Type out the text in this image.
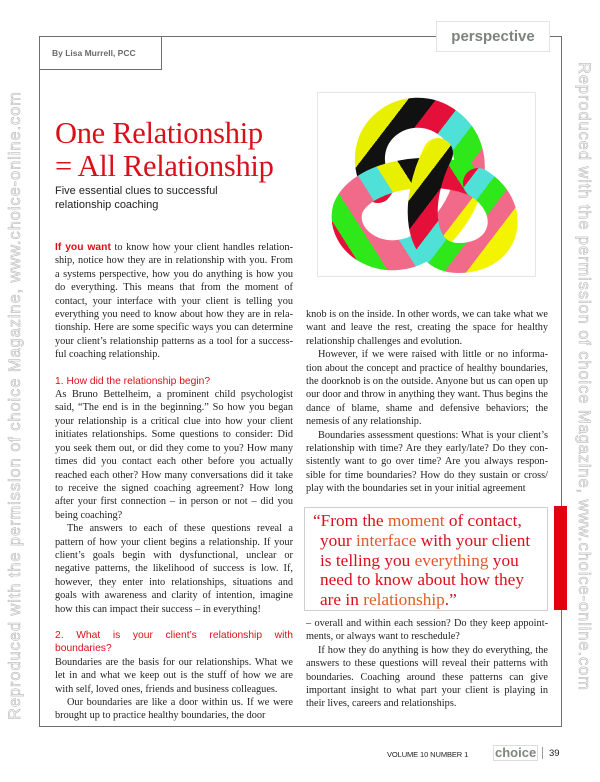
Reproduced with the permission of choice Magazine, www.choice-online.com	Reproduced with the permission of choice Magazine, www.choice-online.com
By Lisa Murrell, PCC
perspective
One Relationship
= All Relationship
Five essential clues to successful
relationship coaching

If you want to know how your client handles relationship, notice how they are in relationship with you. From a systems perspective, how you do anything is how you do everything. This means that from the moment of contact, your interface with your client is telling you everything you need to know about how they are in relationship. Here are some specific ways you can determine your client’s relationship patterns as a tool for a successful coaching relationship.

1. How did the relationship begin?

As Bruno Bettelheim, a prominent child psychologist said, “The end is in the beginning.” So how you began your relationship is a critical clue into how your client initiates relationships. Some questions to consider: Did you seek them out, or did they come to you? How many times did you contact each other before you actually reached each other? How many conversations did it take to receive the signed coaching agreement? How long after your first connection – in person or not – did you being coaching?

The answers to each of these questions reveal a pattern of how your client begins a relationship. If your client’s goals begin with dysfunctional, unclear or negative patterns, the likelihood of success is low. If, however, they enter into relationships, situations and goals with awareness and clarity of intention, imagine how this can impact their success – in everything!

2. What is your client’s relationship with boundaries?

Boundaries are the basis for our relationships. What we let in and what we keep out is the stuff of how we are with self, loved ones, friends and business colleagues.

Our boundaries are like a door within us. If we were brought up to practice healthy boundaries, the door

knob is on the inside. In other words, we can take what we want and leave the rest, creating the space for healthy relationship challenges and evolution.

However, if we were raised with little or no information about the concept and practice of healthy boundaries, the doorknob is on the outside. Anyone but us can open up our door and throw in anything they want. Thus begins the dance of blame, shame and defensive behaviors; the nemesis of any relationship.

Boundaries assessment questions: What is your client’s relationship with time? Are they early/late? Do they consistently want to go over time? Are you always responsible for time boundaries? How do they sustain or cross/ play with the boundaries set in your initial agreement

“From the moment of contact,
your interface with your client
is telling you everything you
need to know about how they
are in relationship.”

– overall and within each session? Do they keep appointments, or always want to reschedule?

If how they do anything is how they do everything, the answers to these questions will reveal their patterns with boundaries. Coaching around these patterns can give important insight to what part your client is playing in their lives, careers and relationships.

VOLUME 10 NUMBER 1 choice 39
